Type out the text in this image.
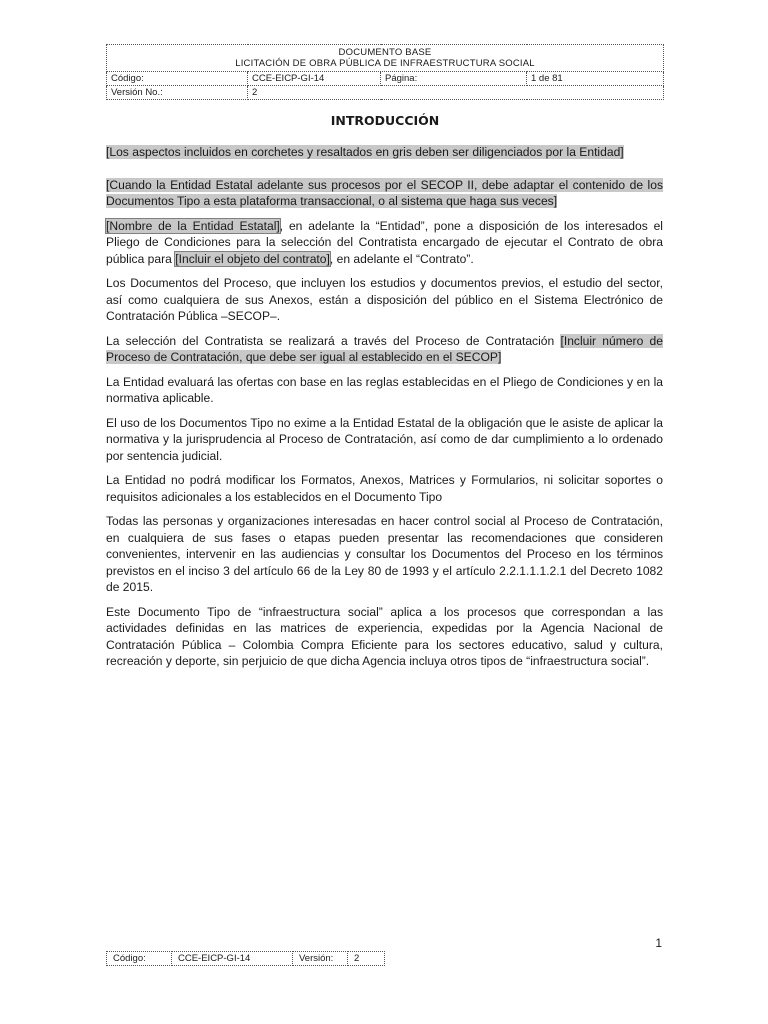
DOCUMENTO BASE
LICITACIÓN DE OBRA PÚBLICA DE INFRAESTRUCTURA SOCIAL			

Código:	CCE-EICP-GI-14	Página:	1 de 81
Versión No.:	2		
INTRODUCCIÓN

[Los aspectos incluidos en corchetes y resaltados en gris deben ser diligenciados por la Entidad]

[Cuando la Entidad Estatal adelante sus procesos por el SECOP II, debe adaptar el contenido de los Documentos Tipo a esta plataforma transaccional, o al sistema que haga sus veces]

[Nombre de la Entidad Estatal], en adelante la “Entidad”, pone a disposición de los interesados el Pliego de Condiciones para la selección del Contratista encargado de ejecutar el Contrato de obra pública para [Incluir el objeto del contrato], en adelante el “Contrato”.

Los Documentos del Proceso, que incluyen los estudios y documentos previos, el estudio del sector, así como cualquiera de sus Anexos, están a disposición del público en el Sistema Electrónico de Contratación Pública –SECOP–.

La selección del Contratista se realizará a través del Proceso de Contratación [Incluir número de Proceso de Contratación, que debe ser igual al establecido en el SECOP]

La Entidad evaluará las ofertas con base en las reglas establecidas en el Pliego de Condiciones y en la normativa aplicable.

El uso de los Documentos Tipo no exime a la Entidad Estatal de la obligación que le asiste de aplicar la normativa y la jurisprudencia al Proceso de Contratación, así como de dar cumplimiento a lo ordenado por sentencia judicial.

La Entidad no podrá modificar los Formatos, Anexos, Matrices y Formularios, ni solicitar soportes o requisitos adicionales a los establecidos en el Documento Tipo

Todas las personas y organizaciones interesadas en hacer control social al Proceso de Contratación, en cualquiera de sus fases o etapas pueden presentar las recomendaciones que consideren convenientes, intervenir en las audiencias y consultar los Documentos del Proceso en los términos previstos en el inciso 3 del artículo 66 de la Ley 80 de 1993 y el artículo 2.2.1.1.1.2.1 del Decreto 1082 de 2015.

Este Documento Tipo de “infraestructura social” aplica a los procesos que correspondan a las actividades definidas en las matrices de experiencia, expedidas por la Agencia Nacional de Contratación Pública – Colombia Compra Eficiente para los sectores educativo, salud y cultura, recreación y deporte, sin perjuicio de que dicha Agencia incluya otros tipos de “infraestructura social”.

1
Código:	CCE-EICP-GI-14	Versión:	2
